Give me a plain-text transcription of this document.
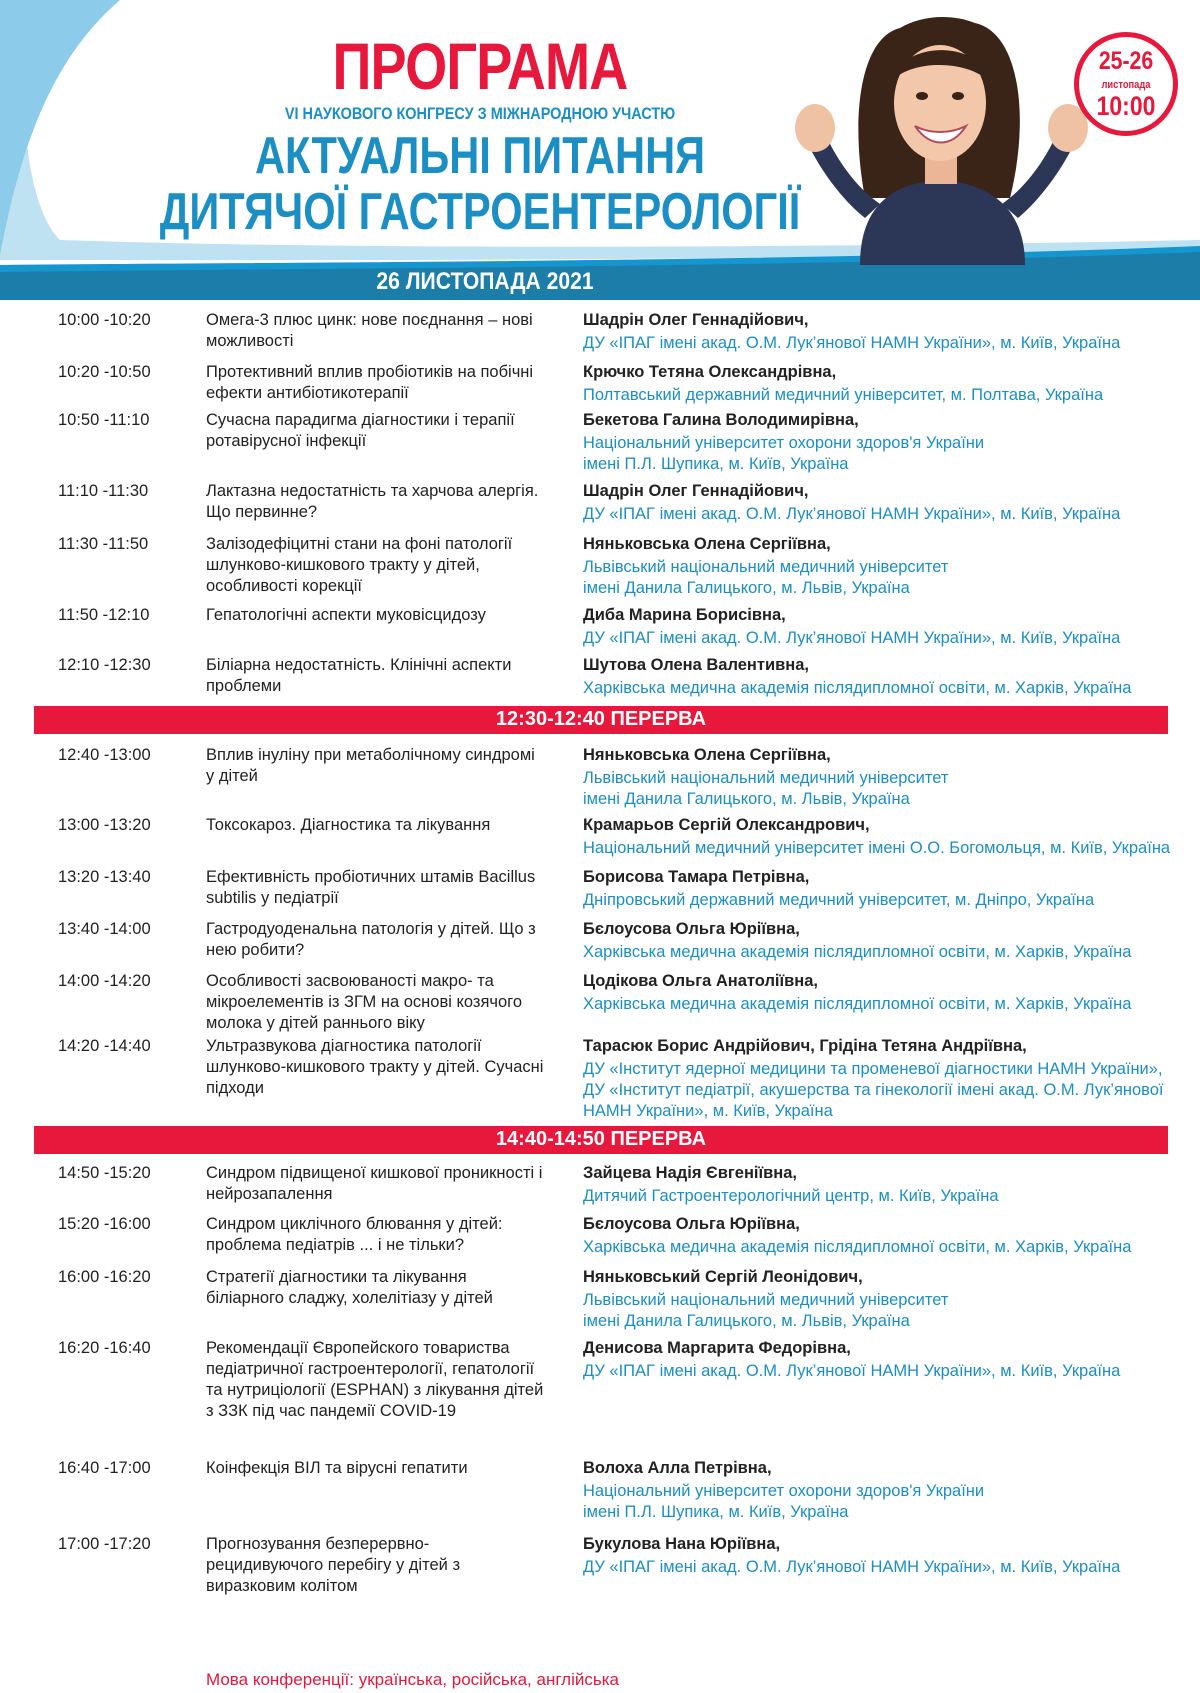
ПРОГРАМА
VI НАУКОВОГО КОНГРЕСУ З МІЖНАРОДНОЮ УЧАСТЮ
АКТУАЛЬНІ ПИТАННЯ
ДИТЯЧОЇ ГАСТРОЕНТЕРОЛОГІЇ
25-26
листопада
10:00
26 ЛИСТОПАДА 2021
10:00 -10:20	Омега-3 плюс цинк: нове поєднання – нові можливості
Шадрін Олег Геннадійович,
ДУ «ІПАГ імені акад. О.М. Лук’янової НАМН України», м. Київ, Україна
10:20 -10:50	Протективний вплив пробіотиків на побічні ефекти антибіотикотерапії
Крючко Тетяна Олександрівна,
Полтавський державний медичний університет, м. Полтава, Україна
10:50 -11:10	Сучасна парадигма діагностики і терапії ротавірусної інфекції
Бекетова Галина Володимирівна,
Національний університет охорони здоров'я України
імені П.Л. Шупика, м. Київ, Україна
11:10 -11:30	Лактазна недостатність та харчова алергія. Що первинне?
Шадрін Олег Геннадійович,
ДУ «ІПАГ імені акад. О.М. Лук’янової НАМН України», м. Київ, Україна
11:30 -11:50	Залізодефіцитні стани на фоні патології шлунково-кишкового тракту у дітей, особливості корекції
Няньковська Олена Сергіївна,
Львівський національний медичний університет
імені Данила Галицького, м. Львів, Україна
11:50 -12:10	Гепатологічні аспекти муковісцидозу	Диба Марина Борисівна,
ДУ «ІПАГ імені акад. О.М. Лук’янової НАМН України», м. Київ, Україна
12:10 -12:30	Біліарна недостатність. Клінічні аспекти проблеми
Шутова Олена Валентивна,
Харківська медична академія післядипломної освіти, м. Харків, Україна
12:30-12:40 ПЕРЕРВА
12:40 -13:00	Вплив інуліну при метаболічному синдромі у дітей
Няньковська Олена Сергіївна,
Львівський національний медичний університет
імені Данила Галицького, м. Львів, Україна
13:00 -13:20	Токсокароз. Діагностика та лікування	Крамарьов Сергій Олександрович,
Національний медичний університет імені О.О. Богомольця, м. Київ, Україна
13:20 -13:40	Ефективність пробіотичних штамів Bacillus subtilis у педіатрії
Борисова Тамара Петрівна,
Дніпровський державний медичний університет, м. Дніпро, Україна
13:40 -14:00	Гастродуоденальна патологія у дітей. Що з нею робити?
Бєлоусова Ольга Юріївна,
Харківська медична академія післядипломної освіти, м. Харків, Україна
14:00 -14:20	Особливості засвоюваності макро- та мікроелементів із ЗГМ на основі козячого молока у дітей раннього віку
Цодікова Ольга Анатоліївна,
Харківська медична академія післядипломної освіти, м. Харків, Україна
14:20 -14:40	Ультразвукова діагностика патології шлунково-кишкового тракту у дітей. Сучасні підходи
Тарасюк Борис Андрійович, Грідіна Тетяна Андріївна,
ДУ «Інститут ядерної медицини та променевої діагностики НАМН України»,
ДУ «Інститут педіатрії, акушерства та гінекології імені акад. О.М. Лук’янової
НАМН України», м. Київ, Україна
14:40-14:50 ПЕРЕРВА
14:50 -15:20	Синдром підвищеної кишкової проникності і нейрозапалення
Зайцева Надія Євгеніївна,
Дитячий Гастроентерологічний центр, м. Київ, Україна
15:20 -16:00	Синдром циклічного блювання у дітей: проблема педіатрів ... і не тільки?
Бєлоусова Ольга Юріївна,
Харківська медична академія післядипломної освіти, м. Харків, Україна
16:00 -16:20	Стратегії діагностики та лікування біліарного сладжу, холелітіазу у дітей
Няньковський Сергій Леонідович,
Львівський національний медичний університет
імені Данила Галицького, м. Львів, Україна
16:20 -16:40	Рекомендації Європейского товариства педіатричної гастроентерології, гепатології та нутриціології (ESPHAN) з лікування дітей з ЗЗК під час пандемії COVID-19
Денисова Маргарита Федорівна,
ДУ «ІПАГ імені акад. О.М. Лук’янової НАМН України», м. Київ, Україна
16:40 -17:00	Коінфекція ВІЛ та вірусні гепатити	Волоха Алла Петрівна,
Національний університет охорони здоров'я України
імені П.Л. Шупика, м. Київ, Україна
17:00 -17:20	Прогнозування безперервно-рецидивуючого перебігу у дітей з виразковим колітом
Букулова Нана Юріївна,
ДУ «ІПАГ імені акад. О.М. Лук’янової НАМН України», м. Київ, Україна
Мова конференції: українська, російська, англійська
